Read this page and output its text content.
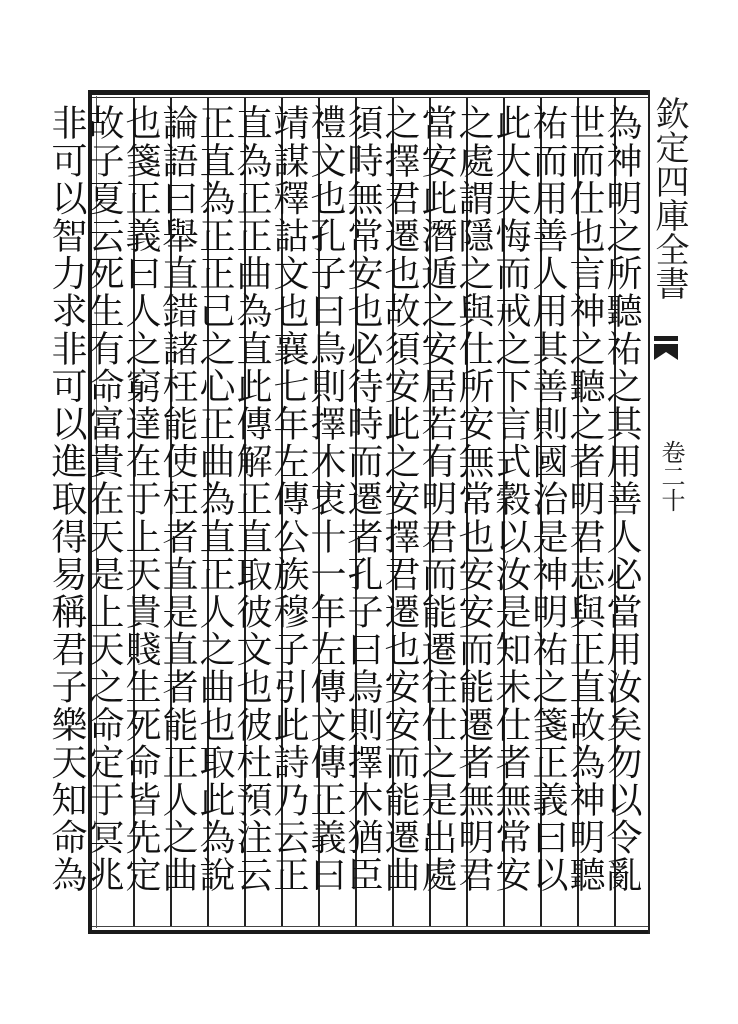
欽定四庫全書
卷二十
為神明之所聽祐之其用善人必當用汝矣勿以令亂
世而仕也言神之聽之者明君志與正直故為神明聽
祐而用善人用其善則國治是神明祐之箋正義曰以
此大夫悔而戒之下言式穀以汝是知未仕者無常安
之處謂隱之與仕所安無常也安安而能遷者無明君
當安此潛遁之安居若有明君而能遷往仕之是出處
之擇君遷也故須安此之安擇君遷也安安而能遷曲
須時無常安也必待時而遷者孔子曰鳥則擇木猶臣
禮文也孔子曰鳥則擇木衷十一年左傳文傳正義曰
靖謀釋詁文也襄七年左傳公族穆子引此詩乃云正
直為正正曲為直此傳解正直取彼文也彼杜預注云
正直為正正己之心正曲為直正人之曲也取此為說
論語曰舉直錯諸枉能使枉者直是直者能正人之曲
也箋正義曰人之窮達在于上天貴賤生死命皆先定
故子夏云死生有命富貴在天是上天之命定于冥兆
非可以智力求非可以進取得易稱君子樂天知命為
